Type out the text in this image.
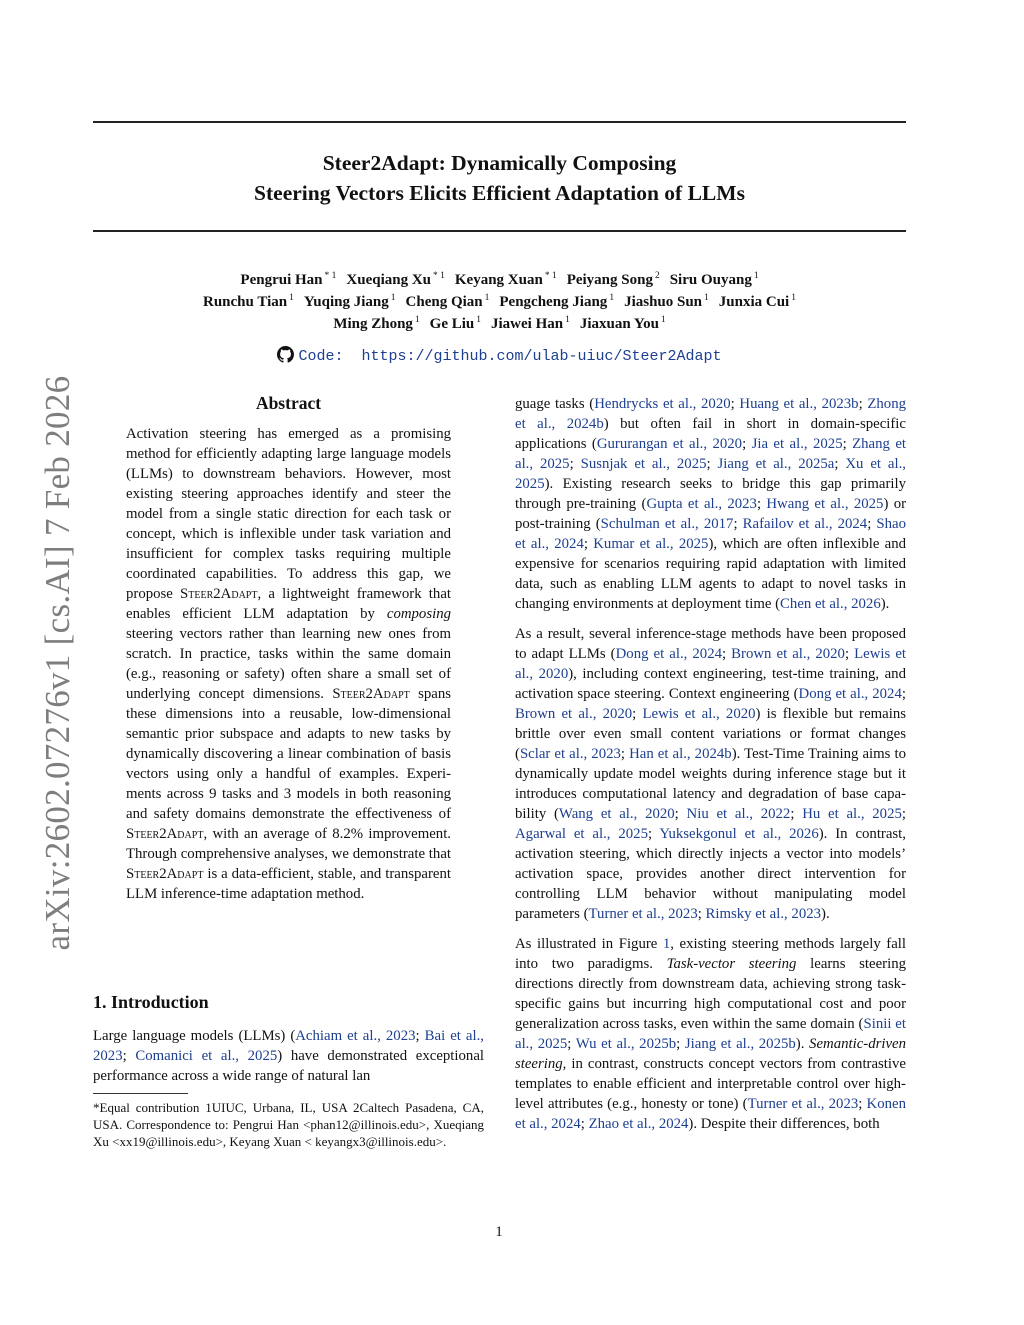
Steer2Adapt: Dynamically Composing
Steering Vectors Elicits Efficient Adaptation of LLMs
Pengrui Han $^{* 1}$ Xueqiang Xu $^{* 1}$ Keyang Xuan $^{* 1}$ Peiyang Song $^2$ Siru Ouyang $^1$
Runchu Tian $^1$ Yuqing Jiang $^1$ Cheng Qian $^1$ Pengcheng Jiang $^1$ Jiashuo Sun $^1$ Junxia Cui $^1$
Ming Zhong $^1$ Ge Liu $^1$ Jiawei Han $^1$ Jiaxuan You $^1$
Code: https://github.com/ulab-uiuc/Steer2Adapt
arXiv:2602.07276v1 [cs.AI] 7 Feb 2026	Abstract

Activation steering has emerged as a promising method for efficiently adapting large language models (LLMs) to downstream behaviors. However, most existing steering approaches identify and steer the model from a single static direction for each task or concept, which is inflexible under task variation and insufficient for complex tasks requiring multiple coordinated capabilities. To address this gap, we propose Steer2Adapt, a lightweight framework that enables efficient LLM adaptation by composing steering vectors rather than learning new ones from scratch. In practice, tasks within the same domain (e.g., reasoning or safety) often share a small set of underlying concept dimensions. Steer2Adapt spans these dimensions into a reusable, low-dimensional semantic prior subspace and adapts to new tasks by dynamically discovering a linear combination of basis vectors using only a handful of examples. Experiments across 9 tasks and 3 models in both reasoning and safety domains demonstrate the effectiveness of Steer2Adapt, with an average of 8.2% improvement. Through comprehensive analyses, we demonstrate that Steer2Adapt is a data-efficient, stable, and transparent LLM inference-time adaptation method.

1. Introduction

Large language models (LLMs) (Achiam et al., 2023; Bai et al., 2023; Comanici et al., 2025) have demonstrated exceptional performance across a wide range of natural lan

*Equal contribution 1UIUC, Urbana, IL, USA 2Caltech Pasadena, CA, USA. Correspondence to: Pengrui Han <phan12@illinois.edu>, Xueqiang Xu <xx19@illinois.edu>, Keyang Xuan < keyangx3@illinois.edu>.

guage tasks (Hendrycks et al., 2020; Huang et al., 2023b; Zhong et al., 2024b) but often fail in short in domain-specific applications (Gururangan et al., 2020; Jia et al., 2025; Zhang et al., 2025; Susnjak et al., 2025; Jiang et al., 2025a; Xu et al., 2025). Existing research seeks to bridge this gap primarily through pre-training (Gupta et al., 2023; Hwang et al., 2025) or post-training (Schulman et al., 2017; Rafailov et al., 2024; Shao et al., 2024; Kumar et al., 2025), which are often inflexible and expensive for scenarios requiring rapid adaptation with limited data, such as enabling LLM agents to adapt to novel tasks in changing environments at deployment time (Chen et al., 2026).

As a result, several inference-stage methods have been proposed to adapt LLMs (Dong et al., 2024; Brown et al., 2020; Lewis et al., 2020), including context engineering, test-time training, and activation space steering. Context engineering (Dong et al., 2024; Brown et al., 2020; Lewis et al., 2020) is flexible but remains brittle over even small content variations or format changes (Sclar et al., 2023; Han et al., 2024b). Test-Time Training aims to dynamically update model weights during inference stage but it introduces computational latency and degradation of base capability (Wang et al., 2020; Niu et al., 2022; Hu et al., 2025; Agarwal et al., 2025; Yuksekgonul et al., 2026). In contrast, activation steering, which directly injects a vector into models’ activation space, provides another direct intervention for controlling LLM behavior without manipulating model parameters (Turner et al., 2023; Rimsky et al., 2023).

As illustrated in Figure 1, existing steering methods largely fall into two paradigms. Task-vector steering learns steering directions directly from downstream data, achieving strong task-specific gains but incurring high computational cost and poor generalization across tasks, even within the same domain (Sinii et al., 2025; Wu et al., 2025b; Jiang et al., 2025b). Semantic-driven steering, in contrast, constructs concept vectors from contrastive templates to enable efficient and interpretable control over high-level attributes (e.g., honesty or tone) (Turner et al., 2023; Konen et al., 2024; Zhao et al., 2024). Despite their differences, both

1
